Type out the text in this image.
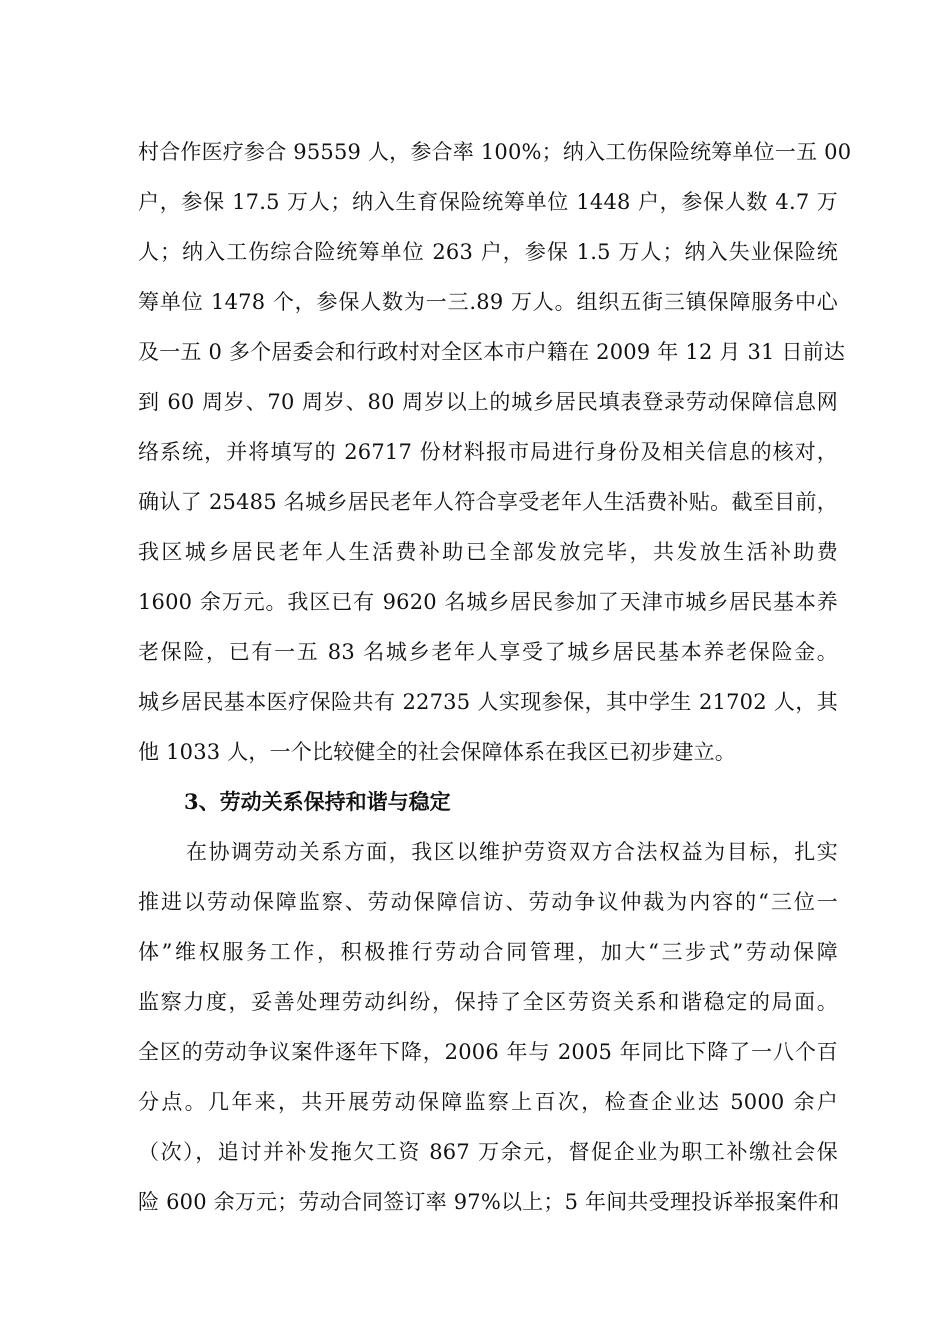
村合作医疗参合 95559 人，参合率 100%；纳入工伤保险统筹单位一五 00
户，参保 17.5 万人；纳入生育保险统筹单位 1448 户，参保人数 4.7 万
人；纳入工伤综合险统筹单位 263 户，参保 1.5 万人；纳入失业保险统
筹单位 1478 个，参保人数为一三.89 万人。组织五街三镇保障服务中心
及一五 0 多个居委会和行政村对全区本市户籍在 2009 年 12 月 31 日前达
到 60 周岁、70 周岁、80 周岁以上的城乡居民填表登录劳动保障信息网
络系统，并将填写的 26717 份材料报市局进行身份及相关信息的核对，
确认了 25485 名城乡居民老年人符合享受老年人生活费补贴。截至目前，
我区城乡居民老年人生活费补助已全部发放完毕，共发放生活补助费
1600 余万元。我区已有 9620 名城乡居民参加了天津市城乡居民基本养
老保险，已有一五 83 名城乡老年人享受了城乡居民基本养老保险金。
城乡居民基本医疗保险共有 22735 人实现参保，其中学生 21702 人，其
他 1033 人，一个比较健全的社会保障体系在我区已初步建立。
3、劳动关系保持和谐与稳定
在协调劳动关系方面，我区以维护劳资双方合法权益为目标，扎实
推进以劳动保障监察、劳动保障信访、劳动争议仲裁为内容的“三位一
体”维权服务工作，积极推行劳动合同管理，加大“三步式”劳动保障
监察力度，妥善处理劳动纠纷，保持了全区劳资关系和谐稳定的局面。
全区的劳动争议案件逐年下降，2006 年与 2005 年同比下降了一八个百
分点。几年来，共开展劳动保障监察上百次，检查企业达 5000 余户
（次），追讨并补发拖欠工资 867 万余元，督促企业为职工补缴社会保
险 600 余万元；劳动合同签订率 97%以上；5 年间共受理投诉举报案件和
